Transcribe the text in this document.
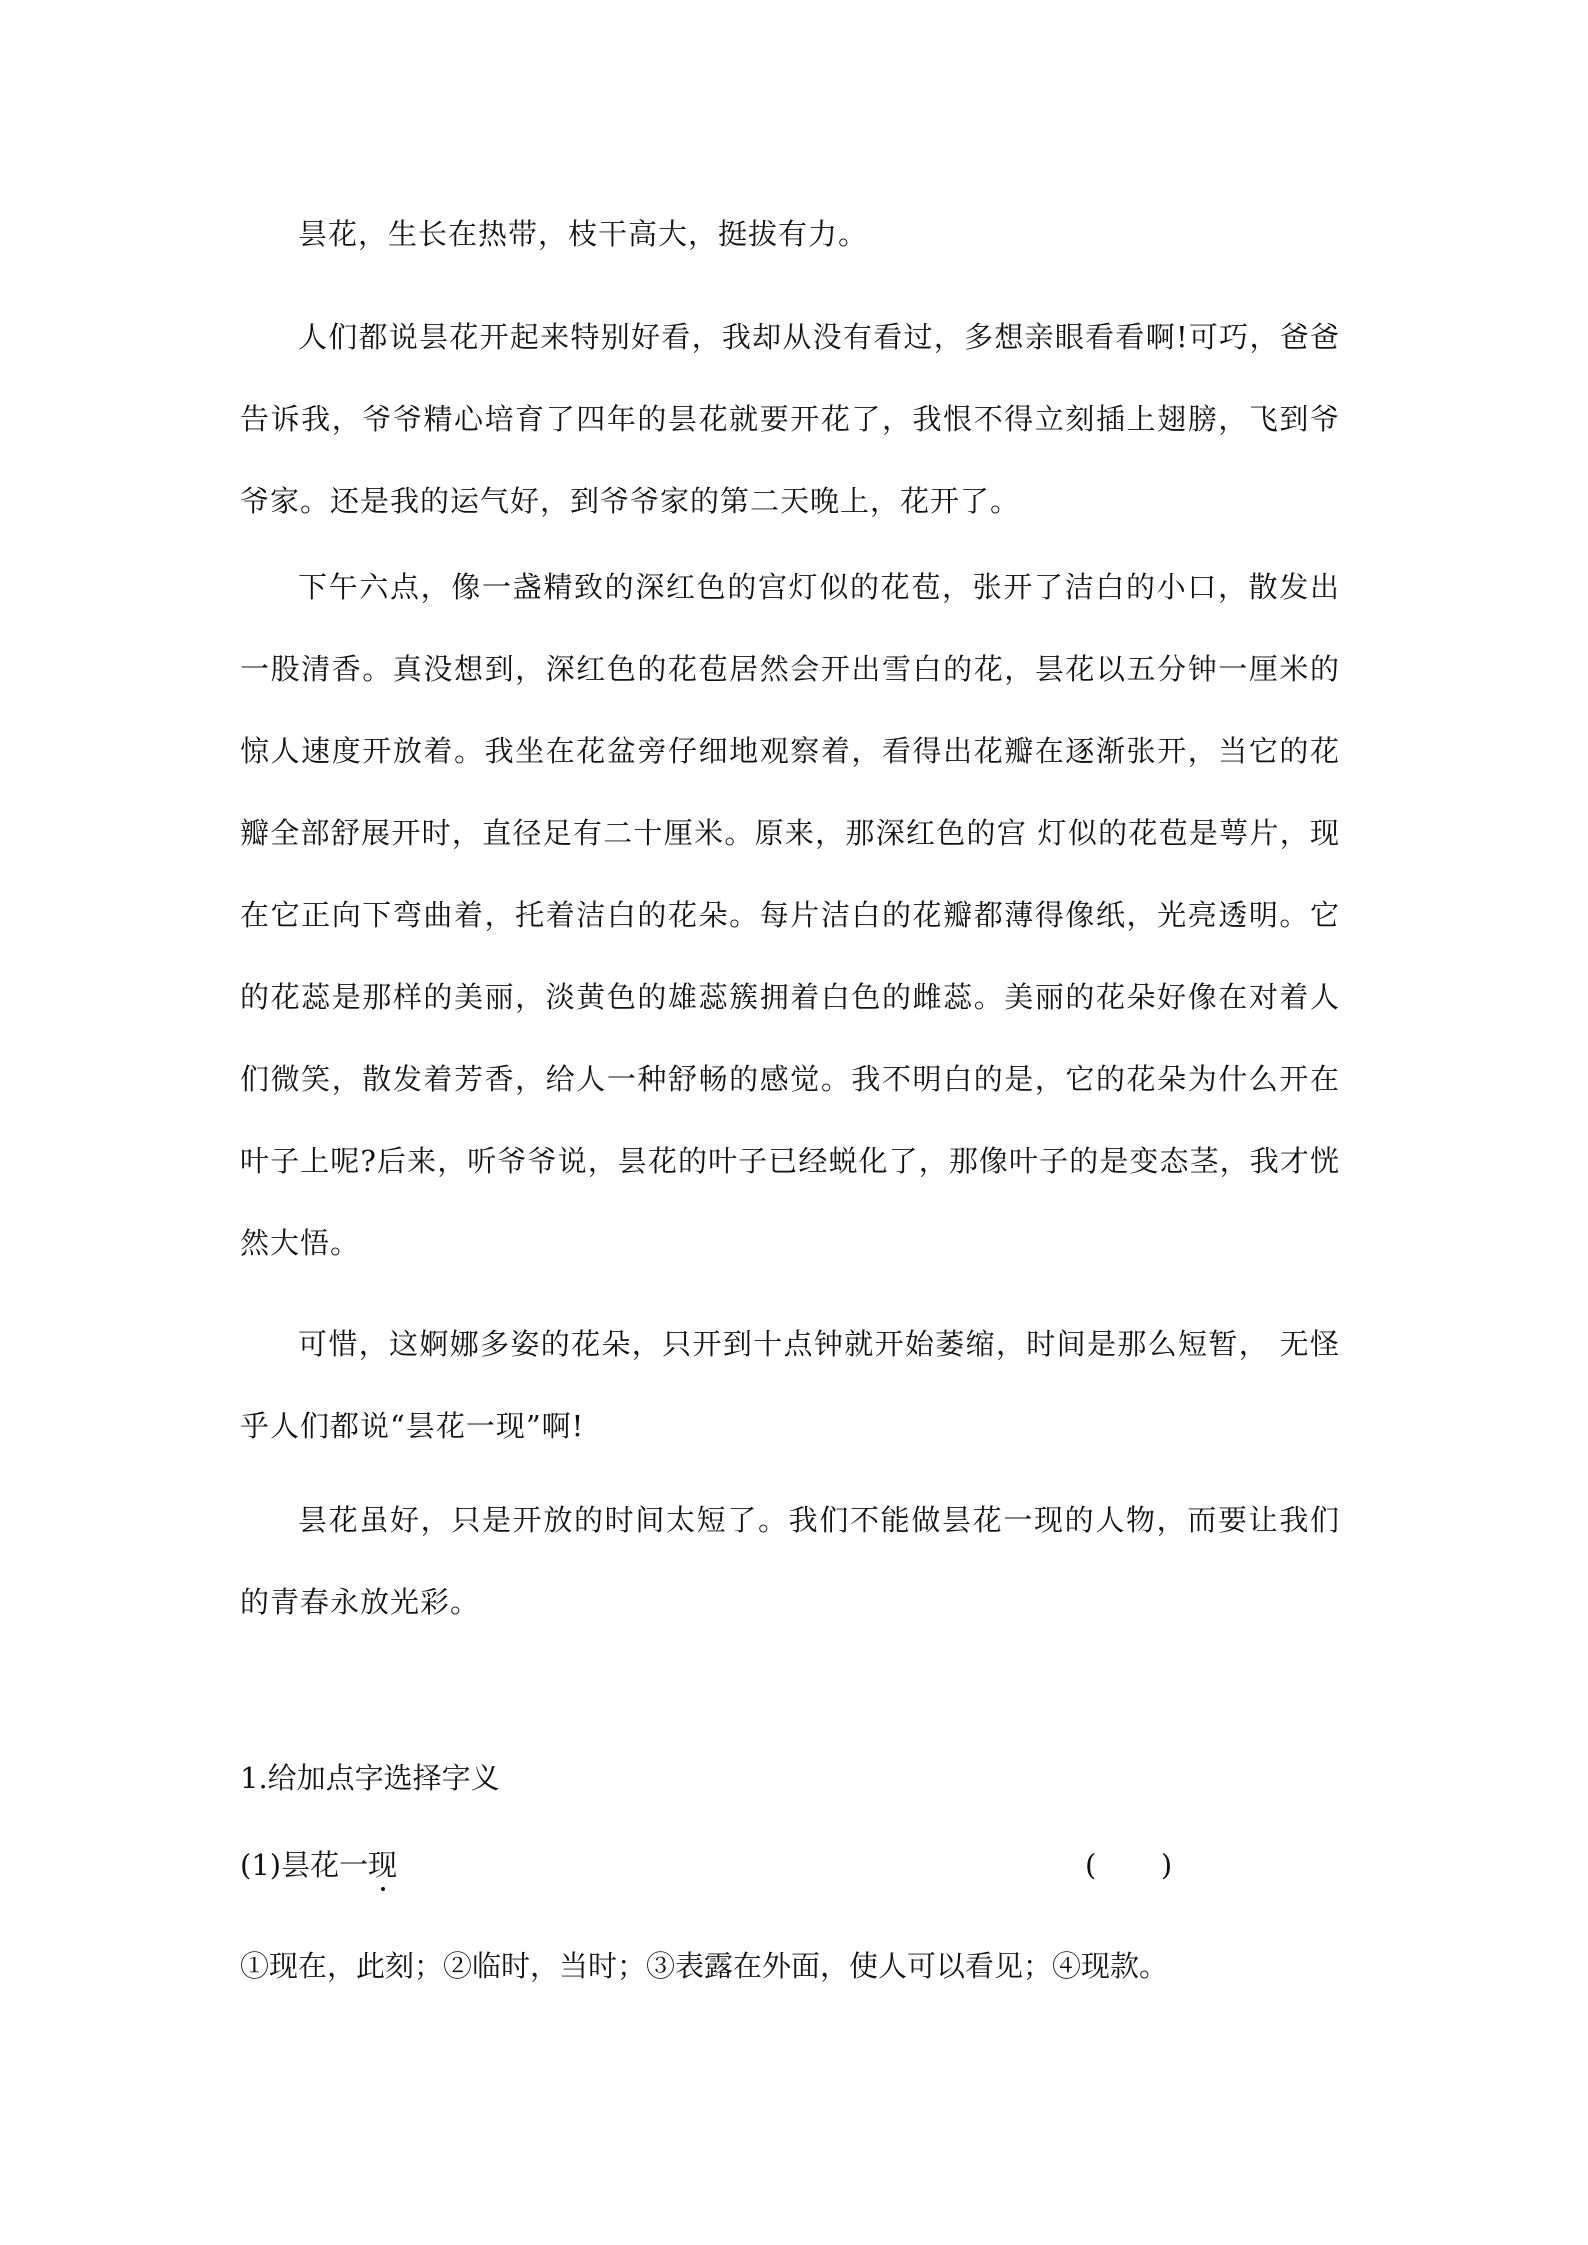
昙花，生长在热带，枝干高大，挺拔有力。

人们都说昙花开起来特别好看，我却从没有看过，多想亲眼看看啊!可巧，爸爸告诉我，爷爷精心培育了四年的昙花就要开花了，我恨不得立刻插上翅膀，飞到爷爷家。还是我的运气好，到爷爷家的第二天晚上，花开了。

下午六点，像一盏精致的深红色的宫灯似的花苞，张开了洁白的小口，散发出一股清香。真没想到，深红色的花苞居然会开出雪白的花，昙花以五分钟一厘米的惊人速度开放着。我坐在花盆旁仔细地观察着，看得出花瓣在逐渐张开，当它的花瓣全部舒展开时，直径足有二十厘米。原来，那深红色的宫 灯似的花苞是萼片，现在它正向下弯曲着，托着洁白的花朵。每片洁白的花瓣都薄得像纸，光亮透明。它的花蕊是那样的美丽，淡黄色的雄蕊簇拥着白色的雌蕊。美丽的花朵好像在对着人们微笑，散发着芳香，给人一种舒畅的感觉。我不明白的是，它的花朵为什么开在叶子上呢?后来，听爷爷说，昙花的叶子已经蜕化了，那像叶子的是变态茎，我才恍然大悟。

可惜，这婀娜多姿的花朵，只开到十点钟就开始萎缩，时间是那么短暂， 无怪乎人们都说“昙花一现”啊!

昙花虽好，只是开放的时间太短了。我们不能做昙花一现的人物，而要让我们的青春永放光彩。

1.给加点字选择字义

(1)昙花一现	(       )

①现在，此刻；②临时，当时；③表露在外面，使人可以看见；④现款。
